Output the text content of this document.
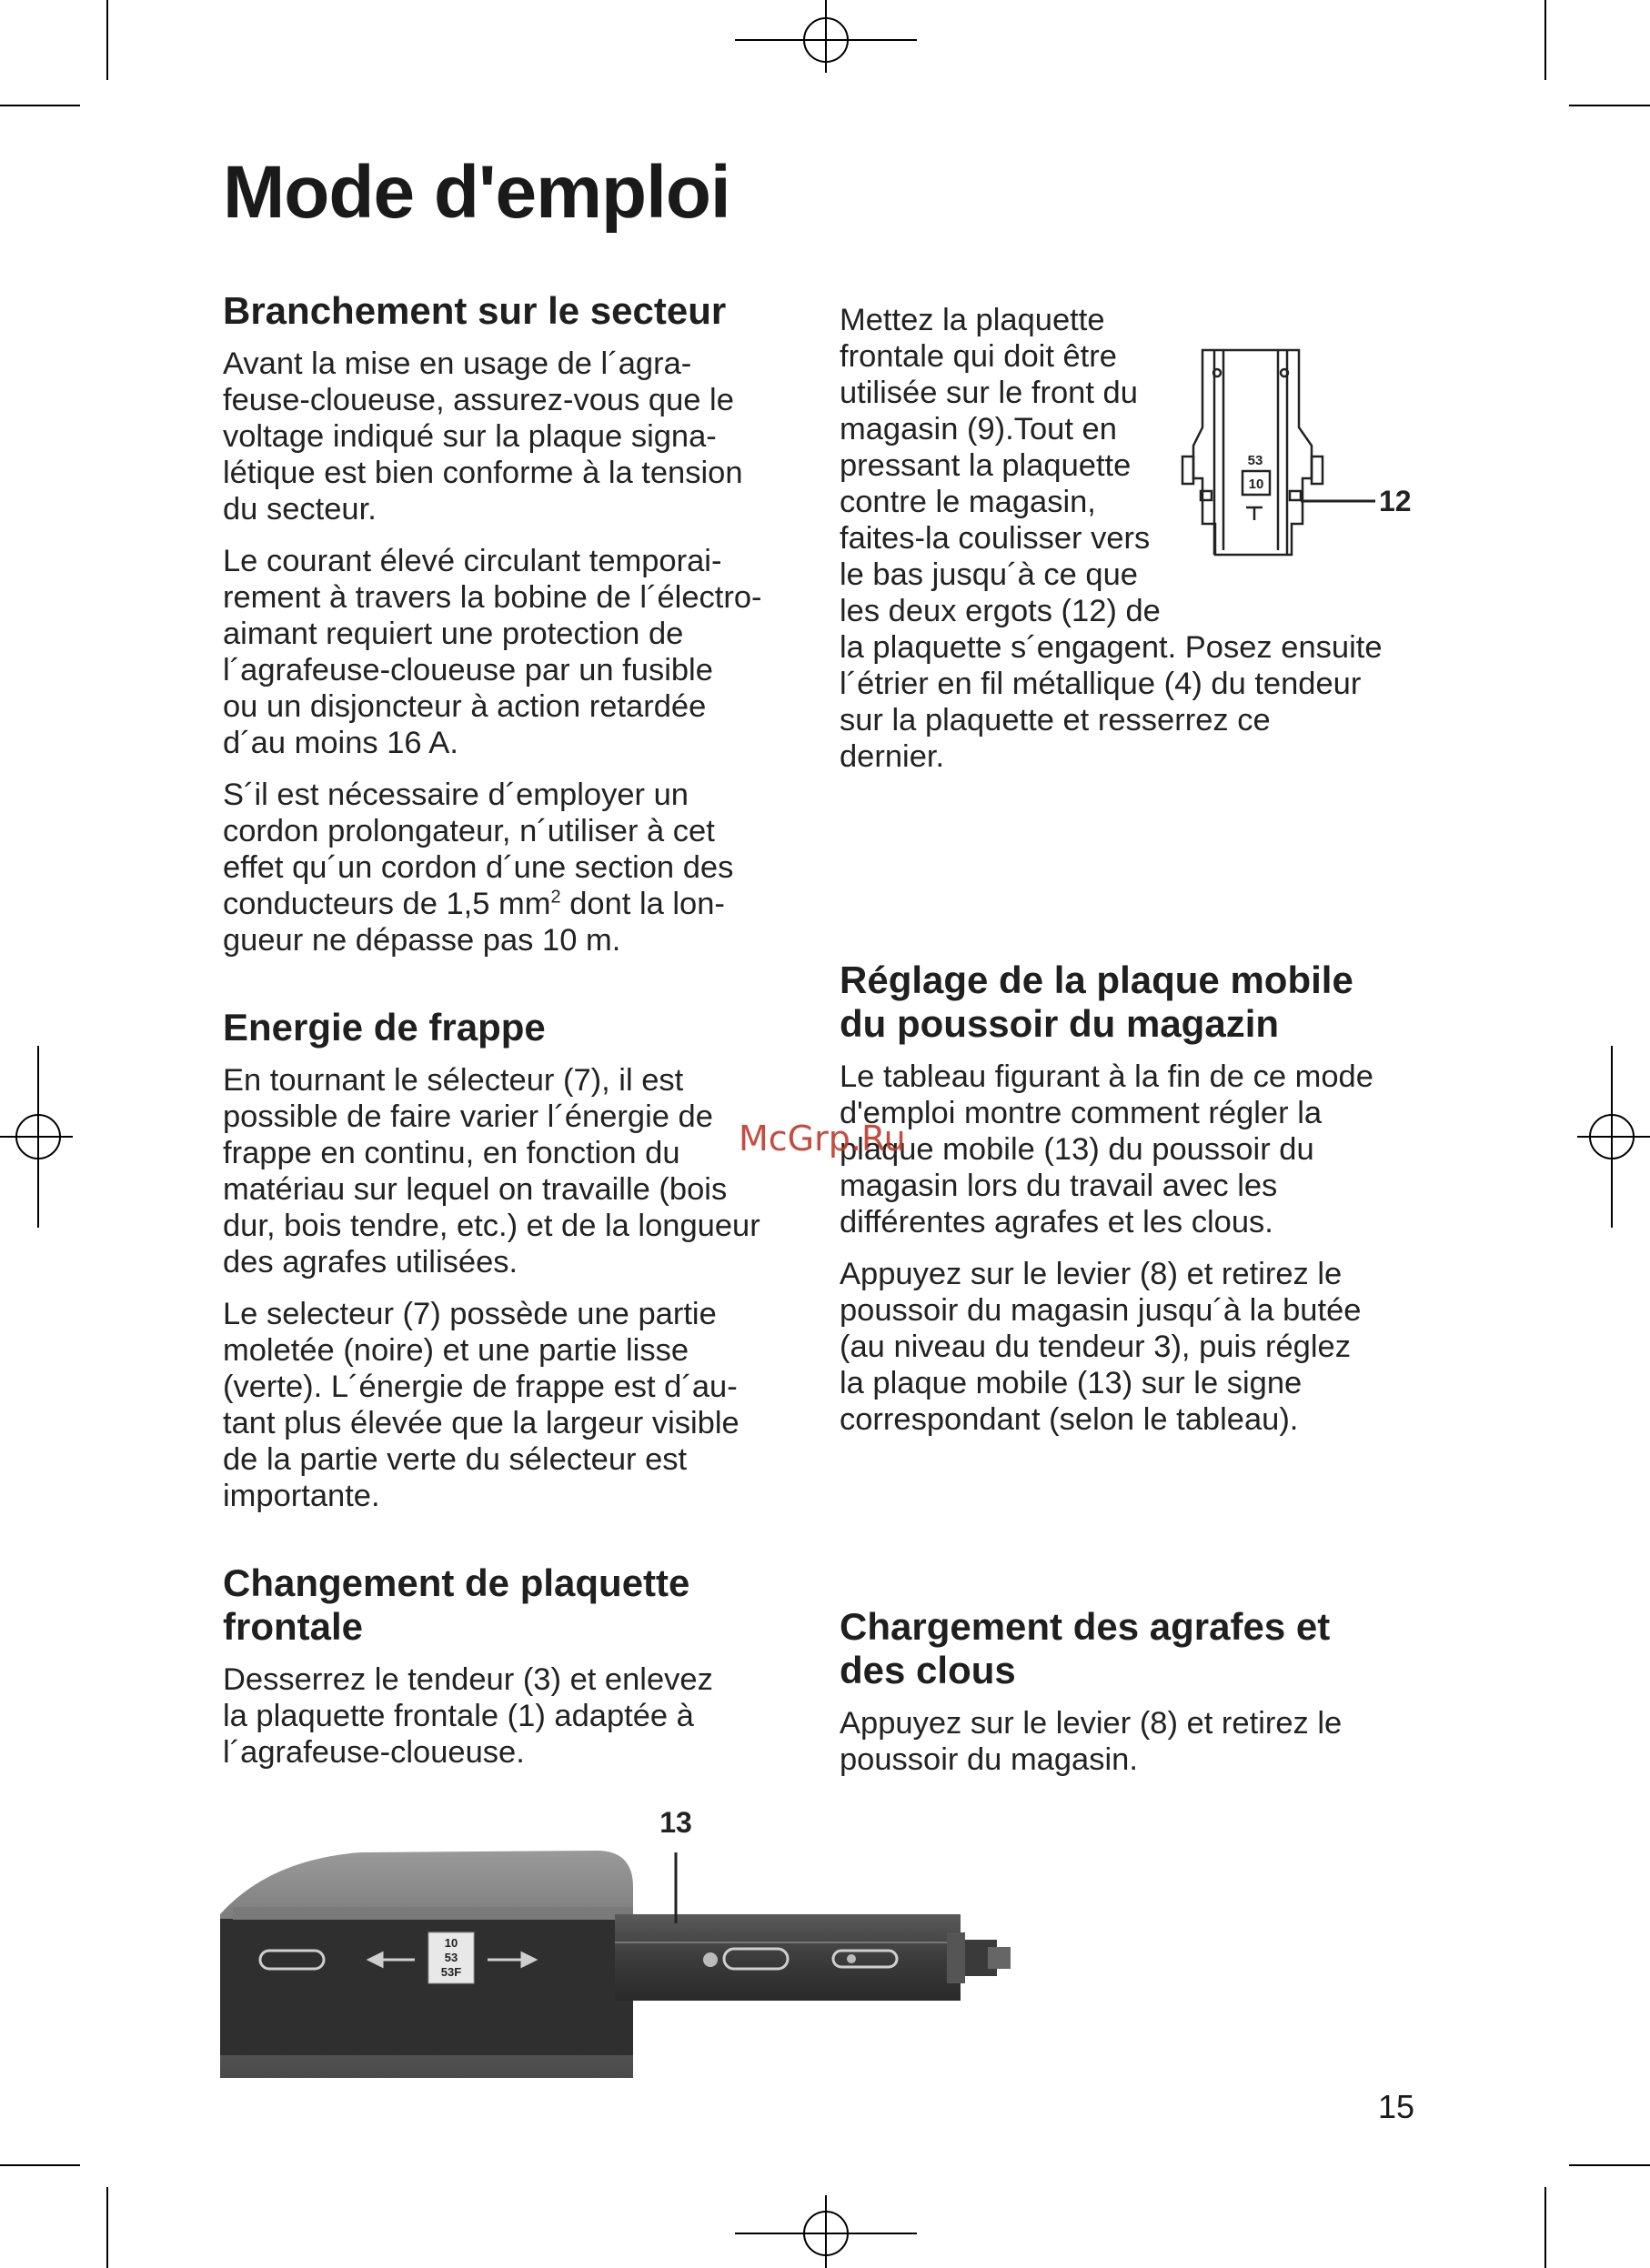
Mode d'emploi
Branchement sur le secteur

Avant la mise en usage de l´agra-
feuse-cloueuse, assurez-vous que le
voltage indiqué sur la plaque signa-
létique est bien conforme à la tension
du secteur.

Le courant élevé circulant temporai-
rement à travers la bobine de l´électro-
aimant requiert une protection de
l´agrafeuse-cloueuse par un fusible
ou un disjoncteur à action retardée
d´au moins 16 A.

S´il est nécessaire d´employer un
cordon prolongateur, n´utiliser à cet
effet qu´un cordon d´une section des
conducteurs de 1,5 $mm^2$ dont la lon-
gueur ne dépasse pas 10 m.

Energie de frappe

En tournant le sélecteur (7), il est
possible de faire varier l´énergie de
frappe en continu, en fonction du
matériau sur lequel on travaille (bois
dur, bois tendre, etc.) et de la longueur
des agrafes utilisées.

Le selecteur (7) possède une partie
moletée (noire) et une partie lisse
(verte). L´énergie de frappe est d´au-
tant plus élevée que la largeur visible
de la partie verte du sélecteur est
importante.

Changement de plaquette
frontale

Desserrez le tendeur (3) et enlevez
la plaquette frontale (1) adaptée à
l´agrafeuse-cloueuse.

Mettez la plaquette
frontale qui doit être
utilisée sur le front du
magasin (9).Tout en
pressant la plaquette
contre le magasin,
faites-la coulisser vers
le bas jusqu´à ce que
les deux ergots (12) de
la plaquette s´engagent. Posez ensuite
l´étrier en fil métallique (4) du tendeur
sur la plaquette et resserrez ce
dernier.

Réglage de la plaque mobile
du poussoir du magazin

Le tableau figurant à la fin de ce mode
d'emploi montre comment régler la
plaque mobile (13) du poussoir du
magasin lors du travail avec les
différentes agrafes et les clous.

Appuyez sur le levier (8) et retirez le
poussoir du magasin jusqu´à la butée
(au niveau du tendeur 3), puis réglez
la plaque mobile (13) sur le signe
correspondant (selon le tableau).

Chargement des agrafes et
des clous

Appuyez sur le levier (8) et retirez le
poussoir du magasin.

53
10
12
10
53
53F
13
McGrp.Ru
15
